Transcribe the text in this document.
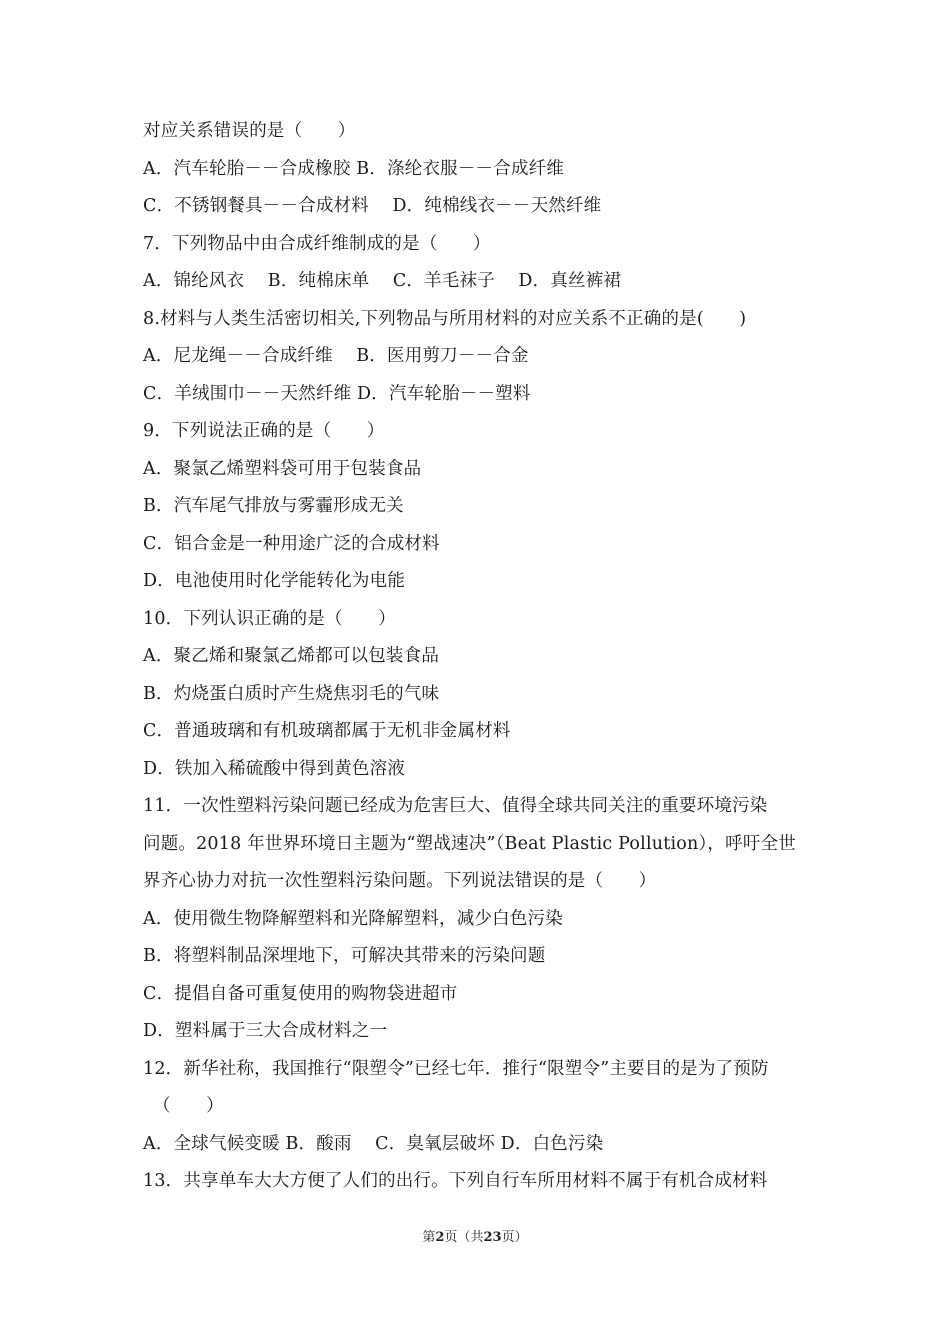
对应关系错误的是（　　）
A．汽车轮胎－－合成橡胶 B．涤纶衣服－－合成纤维
C．不锈钢餐具－－合成材料　 D．纯棉线衣－－天然纤维
7．下列物品中由合成纤维制成的是（　　）
A．锦纶风衣　 B．纯棉床单　 C．羊毛袜子　 D．真丝裤裙
8.材料与人类生活密切相关,下列物品与所用材料的对应关系不正确的是(　　)
A．尼龙绳－－合成纤维　 B．医用剪刀－－合金
C．羊绒围巾－－天然纤维 D．汽车轮胎－－塑料
9．下列说法正确的是（　　）
A．聚氯乙烯塑料袋可用于包装食品
B．汽车尾气排放与雾霾形成无关
C．铝合金是一种用途广泛的合成材料
D．电池使用时化学能转化为电能
10．下列认识正确的是（　　）
A．聚乙烯和聚氯乙烯都可以包装食品
B．灼烧蛋白质时产生烧焦羽毛的气味
C．普通玻璃和有机玻璃都属于无机非金属材料
D．铁加入稀硫酸中得到黄色溶液
11．一次性塑料污染问题已经成为危害巨大、值得全球共同关注的重要环境污染
问题。2018 年世界环境日主题为“塑战速决”（Beat Plastic Pollution），呼吁全世
界齐心协力对抗一次性塑料污染问题。下列说法错误的是（　　）
A．使用微生物降解塑料和光降解塑料，减少白色污染
B．将塑料制品深埋地下，可解决其带来的污染问题
C．提倡自备可重复使用的购物袋进超市
D．塑料属于三大合成材料之一
12．新华社称，我国推行“限塑令”已经七年．推行“限塑令”主要目的是为了预防
（　　）
A．全球气候变暖 B．酸雨　 C．臭氧层破坏 D．白色污染
13．共享单车大大方便了人们的出行。下列自行车所用材料不属于有机合成材料
第2页（共23页）
